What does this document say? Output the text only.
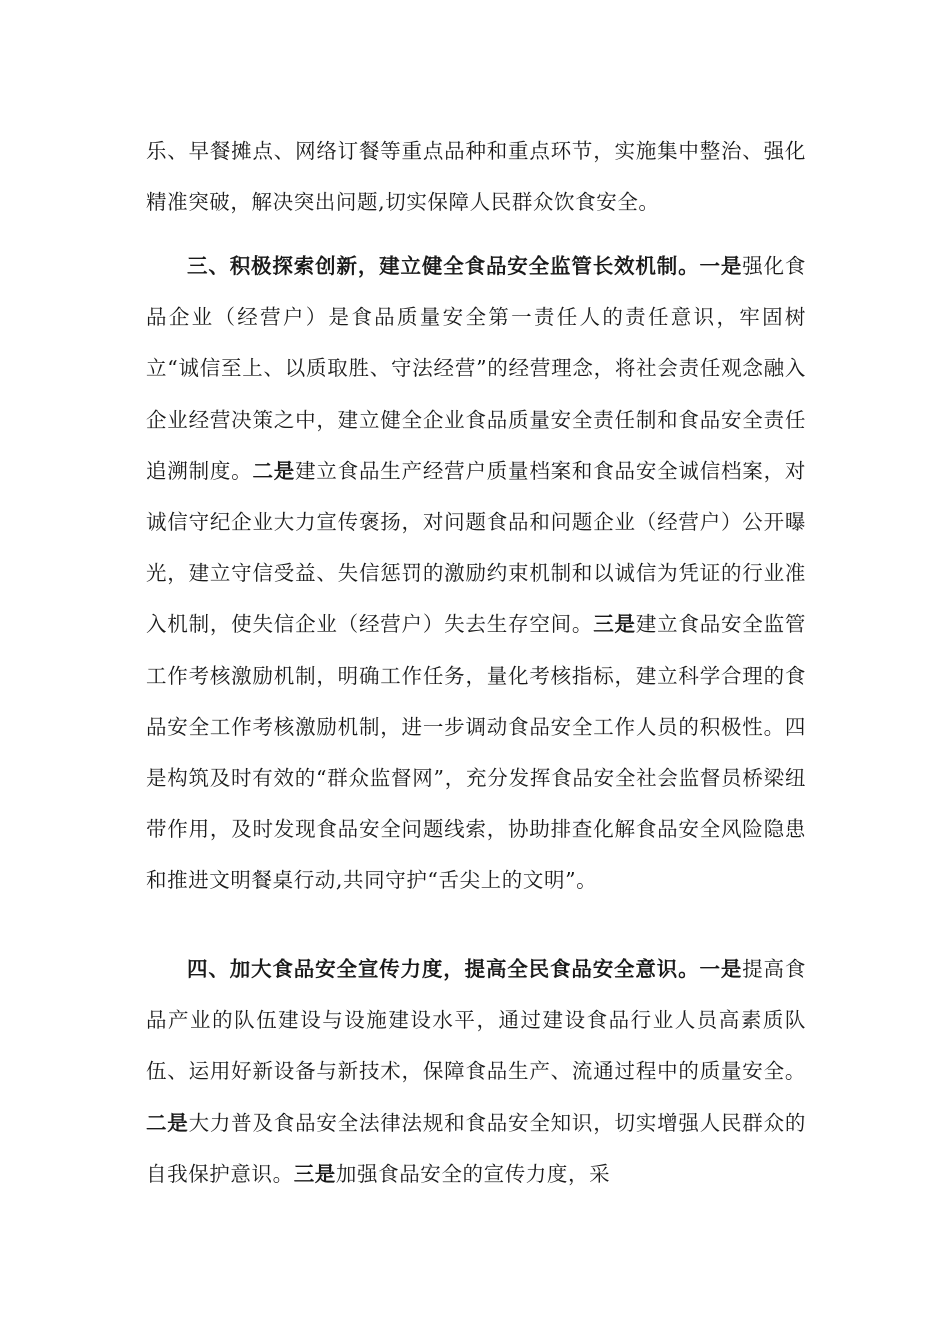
乐、早餐摊点、网络订餐等重点品种和重点环节，实施集中整治、强化精准突破，解决突出问题,切实保障人民群众饮食安全。

三、积极探索创新，建立健全食品安全监管长效机制。一是强化食品企业（经营户）是食品质量安全第一责任人的责任意识，牢固树立“诚信至上、以质取胜、守法经营”的经营理念，将社会责任观念融入企业经营决策之中，建立健全企业食品质量安全责任制和食品安全责任追溯制度。二是建立食品生产经营户质量档案和食品安全诚信档案，对诚信守纪企业大力宣传褒扬，对问题食品和问题企业（经营户）公开曝光，建立守信受益、失信惩罚的激励约束机制和以诚信为凭证的行业准入机制，使失信企业（经营户）失去生存空间。三是建立食品安全监管工作考核激励机制，明确工作任务，量化考核指标，建立科学合理的食品安全工作考核激励机制，进一步调动食品安全工作人员的积极性。四是构筑及时有效的“群众监督网”，充分发挥食品安全社会监督员桥梁纽带作用，及时发现食品安全问题线索，协助排查化解食品安全风险隐患和推进文明餐桌行动,共同守护“舌尖上的文明”。

四、加大食品安全宣传力度，提高全民食品安全意识。一是提高食品产业的队伍建设与设施建设水平，通过建设食品行业人员高素质队伍、运用好新设备与新技术，保障食品生产、流通过程中的质量安全。二是大力普及食品安全法律法规和食品安全知识，切实增强人民群众的自我保护意识。三是加强食品安全的宣传力度，采
